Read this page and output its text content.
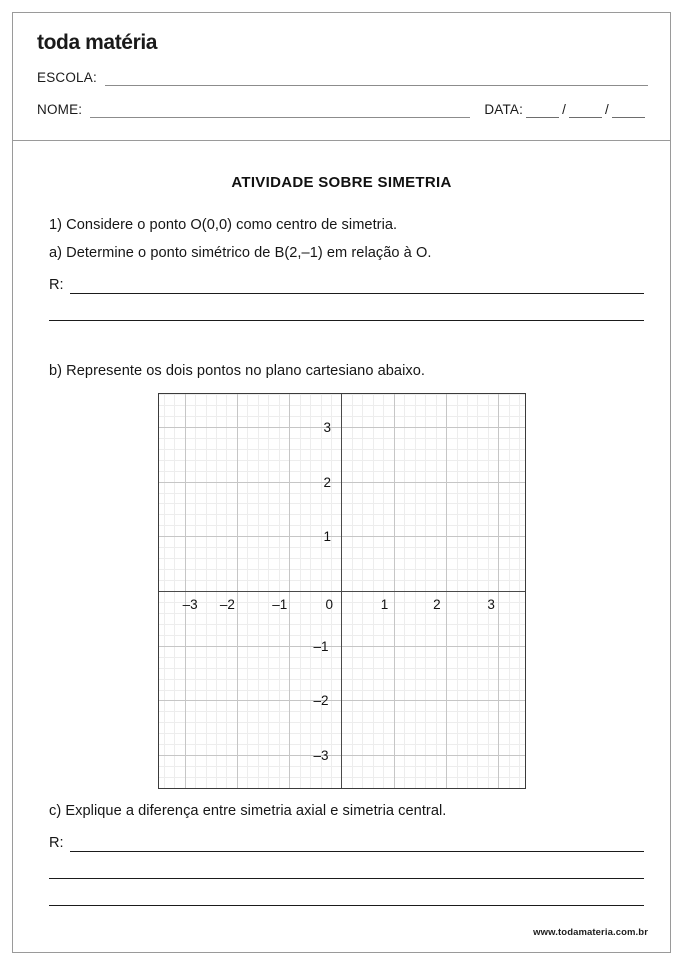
toda matéria
ESCOLA:
NOME:	DATA:	/	/
ATIVIDADE SOBRE SIMETRIA
1) Considere o ponto O(0,0) como centro de simetria.
a) Determine o ponto simétrico de B(2,–1) em relação à O.
R:
b) Represente os dois pontos no plano cartesiano abaixo.
–3 –2	–1	0	1	2	3
3
2
1
–1
–2
–3
c) Explique a diferença entre simetria axial e simetria central.
R:
www.todamateria.com.br
